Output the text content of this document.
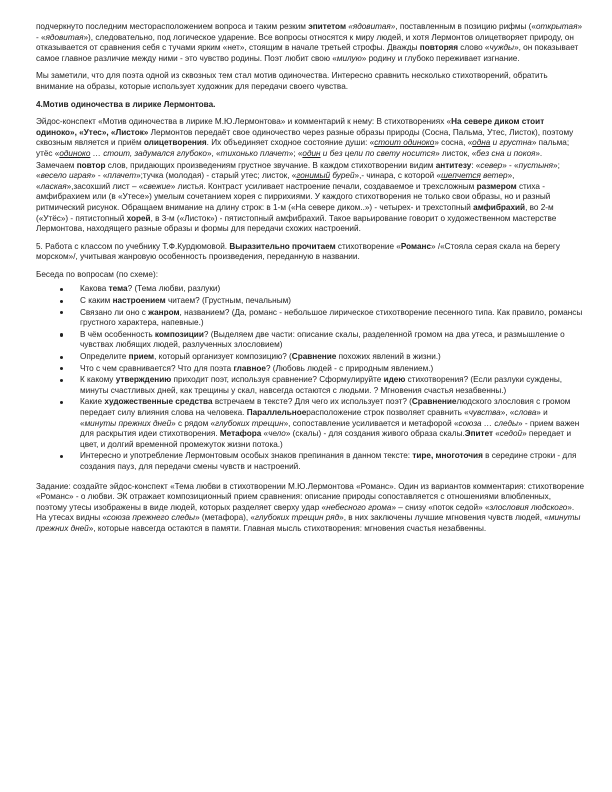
подчеркнуто последним месторасположением вопроса и таким резким эпитетом «ядовитая», поставленным в позицию рифмы («открытая» - «ядовитая»), следовательно, под логическое ударение. Все вопросы относятся к миру людей, и хотя Лермонтов олицетворяет природу, он отказывается от сравнения себя с тучами ярким «нет», стоящим в начале третьей строфы. Дважды повторяя слово «чужды», он показывает самое главное различие между ними - это чувство родины. Поэт любит свою «милую» родину и глубоко переживает изгнание.

Мы заметили, что для поэта одной из сквозных тем стал мотив одиночества. Интересно сравнить несколько стихотворений, обратить внимание на образы, которые использует художник для передачи своего чувства.

4.Мотив одиночества в лирике Лермонтова.

Эйдос-конспект «Мотив одиночества в лирике М.Ю.Лермонтова» и комментарий к нему: В стихотворениях «На севере диком стоит одиноко», «Утес», «Листок» Лермонтов передаёт свое одиночество через разные образы природы (Сосна, Пальма, Утес, Листок), поэтому сквозным является и приём олицетворения. Их объединяет сходное состояние души: «стоит одиноко» сосна, «одна и грустна» пальма; утёс «одиноко … стоит, задумался глубоко», «тихонько плачет»; «один и без цели по свету носится» листок, «без сна и покоя».

Замечаем повтор слов, придающих произведениям грустное звучание. В каждом стихотворении видим антитезу: «север» - «пустыня»; «весело играя» - «плачет»;тучка (молодая) - старый утес; листок, «гонимый бурей»,- чинара, с которой «шепчется ветер», «лаская»,засохший лист – «свежие» листья. Контраст усиливает настроение печали, создаваемое и трехсложным размером стиха - амфибрахием или (в «Утесе») умелым сочетанием хорея с пиррихиями. У каждого стихотворения не только свои образы, но и разный ритмический рисунок. Обращаем внимание на длину строк: в 1-м («На севере диком..») - четырех- и трехстопный амфибрахий, во 2-м («Утёс») - пятистопный хорей, в 3-м («Листок») - пятистопный амфибрахий. Такое варьирование говорит о художественном мастерстве Лермонтова, находящего разные образы и формы для передачи схожих настроений.

5. Работа с классом по учебнику Т.Ф.Курдюмовой. Выразительно прочитаем стихотворение «Романс» /«Стояла серая скала на берегу морском»/, учитывая жанровую особенность произведения, переданную в названии.

Беседа по вопросам (по схеме):

Какова тема? (Тема любви, разлуки)
С каким настроением читаем? (Грустным, печальным)
Связано ли оно с жанром, названием? (Да, романс - небольшое лирическое стихотворение песенного типа. Как правило, романсы грустного характера, напевные.)
В чём особенность композиции? (Выделяем две части: описание скалы, разделенной громом на два утеса, и размышление о чувствах любящих людей, разлученных злословием)
Определите прием, который организует композицию? (Сравнение похожих явлений в жизни.)
Что с чем сравнивается? Что для поэта главное? (Любовь людей - с природным явлением.)
К какому утверждению приходит поэт, используя сравнение? Сформулируйте идею стихотворения? (Если разлуки суждены, минуты счастливых дней, как трещины у скал, навсегда остаются с людьми. ? Мгновения счастья незабвенны.)
Какие художественные средства встречаем в тексте? Для чего их использует поэт? (Сравнениелюдского злословия с громом передает силу влияния слова на человека. Параллельноерасположение строк позволяет сравнить «чувства», «слова» и «минуты прежних дней» с рядом «глубоких трещин», сопоставление усиливается и метафорой «союза … следы» - прием важен для раскрытия идеи стихотворения. Метафора «чело» (скалы) - для создания живого образа скалы.Эпитет «седой» передает и цвет, и долгий временной промежуток жизни потока.)
Интересно и употребление Лермонтовым особых знаков препинания в данном тексте: тире, многоточия в середине строки - для создания пауз, для передачи смены чувств и настроений.

Задание: создайте эйдос-конспект «Тема любви в стихотворении М.Ю.Лермонтова «Романс». Один из вариантов комментария: стихотворение «Романс» - о любви. ЭК отражает композиционный прием сравнения: описание природы сопоставляется с отношениями влюбленных, поэтому утесы изображены в виде людей, которых разделяет сверху удар «небесного грома» – снизу «поток седой» «злословия людского». На утесах видны «союза прежнего следы» (метафора), «глубоких трещин ряд», в них заключены лучшие мгновения чувств людей, «минуты прежних дней», которые навсегда остаются в памяти. Главная мысль стихотворения: мгновения счастья незабвенны.
